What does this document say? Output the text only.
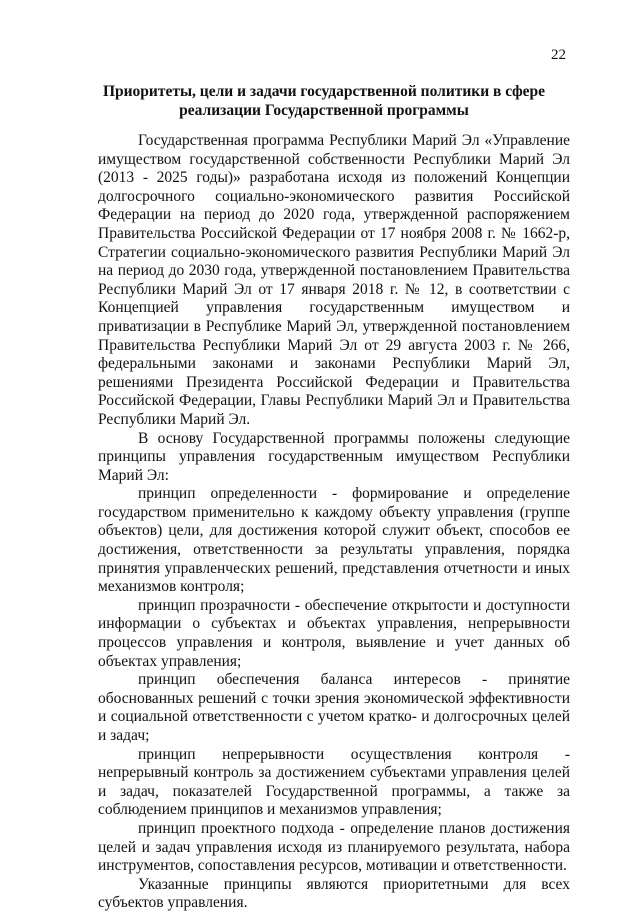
22
Приоритеты, цели и задачи государственной политики в сфере
реализации Государственной программы

Государственная программа Республики Марий Эл «Управление имуществом государственной собственности Республики Марий Эл (2013 - 2025 годы)» разработана исходя из положений Концепции долгосрочного социально-экономического развития Российской Федерации на период до 2020 года, утвержденной распоряжением Правительства Российской Федерации от 17 ноября 2008 г. № 1662-р, Стратегии социально-экономического развития Республики Марий Эл на период до 2030 года, утвержденной постановлением Правительства Республики Марий Эл от 17 января 2018 г. № 12, в соответствии с Концепцией управления государственным имуществом и приватизации в Республике Марий Эл, утвержденной постановлением Правительства Республики Марий Эл от 29 августа 2003 г. № 266, федеральными законами и законами Республики Марий Эл, решениями Президента Российской Федерации и Правительства Российской Федерации, Главы Республики Марий Эл и Правительства Республики Марий Эл.

В основу Государственной программы положены следующие принципы управления государственным имуществом Республики Марий Эл:

принцип определенности - формирование и определение государством применительно к каждому объекту управления (группе объектов) цели, для достижения которой служит объект, способов ее достижения, ответственности за результаты управления, порядка принятия управленческих решений, представления отчетности и иных механизмов контроля;

принцип прозрачности - обеспечение открытости и доступности информации о субъектах и объектах управления, непрерывности процессов управления и контроля, выявление и учет данных об объектах управления;

принцип обеспечения баланса интересов - принятие обоснованных решений с точки зрения экономической эффективности и социальной ответственности с учетом кратко- и долгосрочных целей и задач;

принцип непрерывности осуществления контроля - непрерывный контроль за достижением субъектами управления целей и задач, показателей Государственной программы, а также за соблюдением принципов и механизмов управления;

принцип проектного подхода - определение планов достижения целей и задач управления исходя из планируемого результата, набора инструментов, сопоставления ресурсов, мотивации и ответственности.

Указанные принципы являются приоритетными для всех субъектов управления.
